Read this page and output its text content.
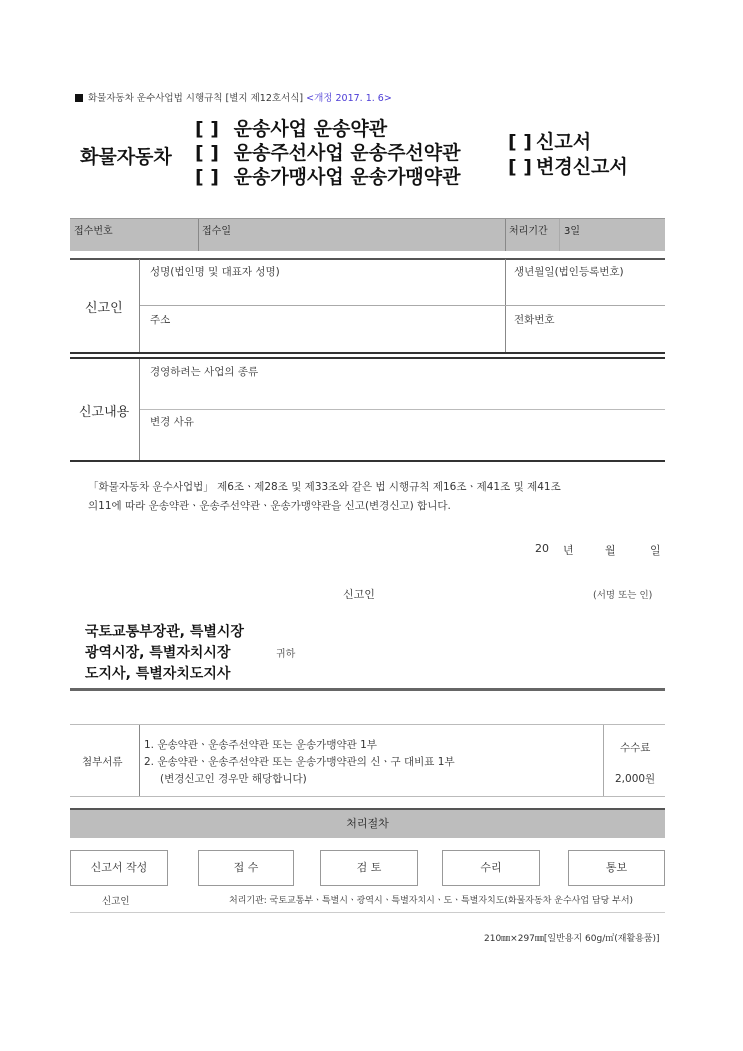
화물자동차 운수사업법 시행규칙 [별지 제12호서식] <개정 2017. 1. 6>
화물자동차
[ ] 운송사업 운송약관
[ ] 운송주선사업 운송주선약관
[ ] 운송가맹사업 운송가맹약관
[ ] 신고서
[ ] 변경신고서
접수번호	접수일	처리기간	3일
신고인
성명(법인명 및 대표자 성명)	생년월일(법인등록번호)
주소	전화번호
신고내용
경영하려는 사업의 종류
변경 사유
「화물자동차 운수사업법」 제6조ㆍ제28조 및 제33조와 같은 법 시행규칙 제16조ㆍ제41조 및 제41조
의11에 따라 운송약관ㆍ운송주선약관ㆍ운송가맹약관을 신고(변경신고) 합니다.
20 년	월	일
신고인	(서명 또는 인)
국토교통부장관, 특별시장
광역시장, 특별자치시장
도지사, 특별자치도지사
귀하
첨부서류
1. 운송약관ㆍ운송주선약관 또는 운송가맹약관 1부
2. 운송약관ㆍ운송주선약관 또는 운송가맹약관의 신ㆍ구 대비표 1부
(변경신고인 경우만 해당합니다)
수수료
2,000원
처리절차
신고서 작성	접 수	검 토	수리	통보
신고인	처리기관: 국토교통부ㆍ특별시ㆍ광역시ㆍ특별자치시ㆍ도ㆍ특별자치도(화물자동차 운수사업 담당 부서)
210㎜×297㎜[일반용지 60g/㎡(재활용품)]
